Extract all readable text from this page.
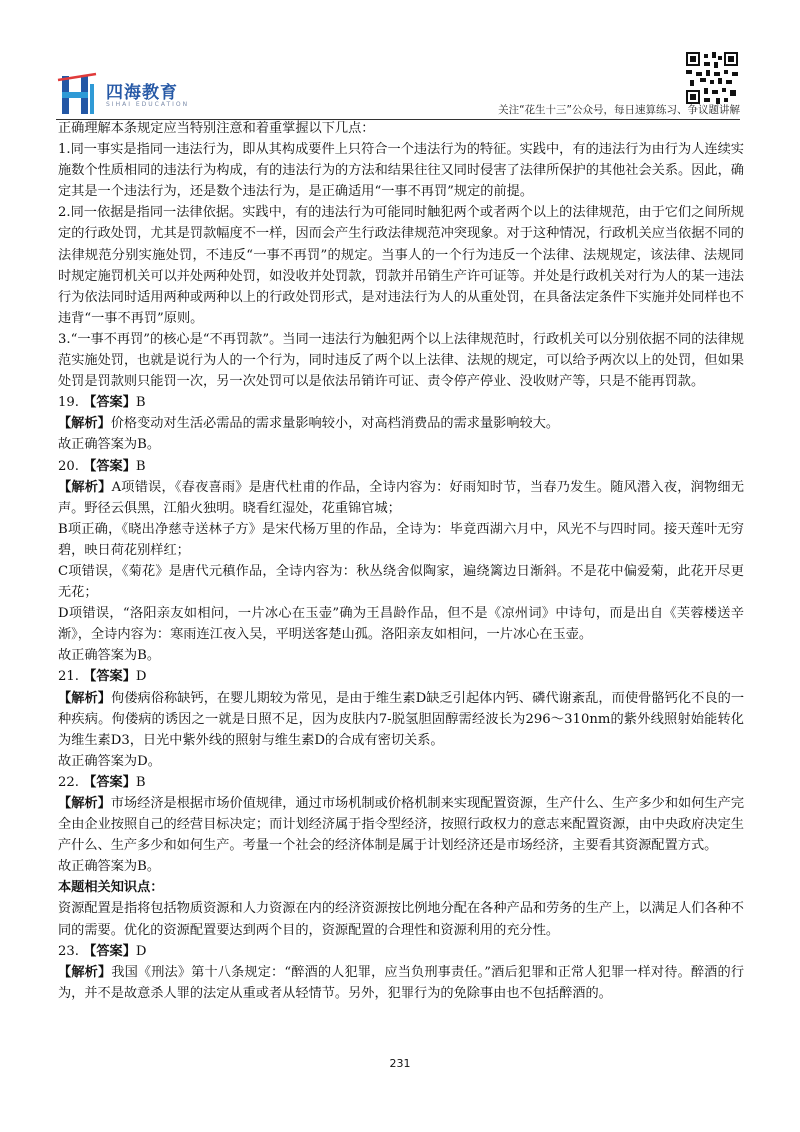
四海教育
SIHAI EDUCATION	关注“花生十三”公众号，每日速算练习、争议题讲解

正确理解本条规定应当特别注意和着重掌握以下几点：

1.同一事实是指同一违法行为，即从其构成要件上只符合一个违法行为的特征。实践中，有的违法行为由行为人连续实施数个性质相同的违法行为构成，有的违法行为的方法和结果往往又同时侵害了法律所保护的其他社会关系。因此，确定其是一个违法行为，还是数个违法行为，是正确适用“一事不再罚”规定的前提。

2.同一依据是指同一法律依据。实践中，有的违法行为可能同时触犯两个或者两个以上的法律规范，由于它们之间所规定的行政处罚，尤其是罚款幅度不一样，因而会产生行政法律规范冲突现象。对于这种情况，行政机关应当依据不同的法律规范分别实施处罚，不违反“一事不再罚”的规定。当事人的一个行为违反一个法律、法规规定，该法律、法规同时规定施罚机关可以并处两种处罚，如没收并处罚款，罚款并吊销生产许可证等。并处是行政机关对行为人的某一违法行为依法同时适用两种或两种以上的行政处罚形式，是对违法行为人的从重处罚，在具备法定条件下实施并处同样也不违背“一事不再罚”原则。

3.“一事不再罚”的核心是“不再罚款”。当同一违法行为触犯两个以上法律规范时，行政机关可以分别依据不同的法律规范实施处罚，也就是说行为人的一个行为，同时违反了两个以上法律、法规的规定，可以给予两次以上的处罚，但如果处罚是罚款则只能罚一次，另一次处罚可以是依法吊销许可证、责令停产停业、没收财产等，只是不能再罚款。

19. 【答案】B

【解析】价格变动对生活必需品的需求量影响较小，对高档消费品的需求量影响较大。

故正确答案为B。

20. 【答案】B

【解析】A项错误，《春夜喜雨》是唐代杜甫的作品，全诗内容为：好雨知时节，当春乃发生。随风潜入夜，润物细无声。野径云俱黑，江船火独明。晓看红湿处，花重锦官城；

B项正确，《晓出净慈寺送林子方》是宋代杨万里的作品，全诗为：毕竟西湖六月中，风光不与四时同。接天莲叶无穷碧，映日荷花别样红；

C项错误，《菊花》是唐代元稹作品，全诗内容为：秋丛绕舍似陶家，遍绕篱边日渐斜。不是花中偏爱菊，此花开尽更无花；

D项错误，“洛阳亲友如相问，一片冰心在玉壶”确为王昌龄作品，但不是《凉州词》中诗句，而是出自《芙蓉楼送辛渐》，全诗内容为：寒雨连江夜入吴，平明送客楚山孤。洛阳亲友如相问，一片冰心在玉壶。

故正确答案为B。

21. 【答案】D

【解析】佝偻病俗称缺钙，在婴儿期较为常见，是由于维生素D缺乏引起体内钙、磷代谢紊乱，而使骨骼钙化不良的一种疾病。佝偻病的诱因之一就是日照不足，因为皮肤内7-脱氢胆固醇需经波长为296～310nm的紫外线照射始能转化为维生素D3，日光中紫外线的照射与维生素D的合成有密切关系。

故正确答案为D。

22. 【答案】B

【解析】市场经济是根据市场价值规律，通过市场机制或价格机制来实现配置资源，生产什么、生产多少和如何生产完全由企业按照自己的经营目标决定；而计划经济属于指令型经济，按照行政权力的意志来配置资源，由中央政府决定生产什么、生产多少和如何生产。考量一个社会的经济体制是属于计划经济还是市场经济，主要看其资源配置方式。

故正确答案为B。

本题相关知识点：

资源配置是指将包括物质资源和人力资源在内的经济资源按比例地分配在各种产品和劳务的生产上，以满足人们各种不同的需要。优化的资源配置要达到两个目的，资源配置的合理性和资源利用的充分性。

23. 【答案】D

【解析】我国《刑法》第十八条规定：“醉酒的人犯罪，应当负刑事责任。”酒后犯罪和正常人犯罪一样对待。醉酒的行为，并不是故意杀人罪的法定从重或者从轻情节。另外，犯罪行为的免除事由也不包括醉酒的。

231
